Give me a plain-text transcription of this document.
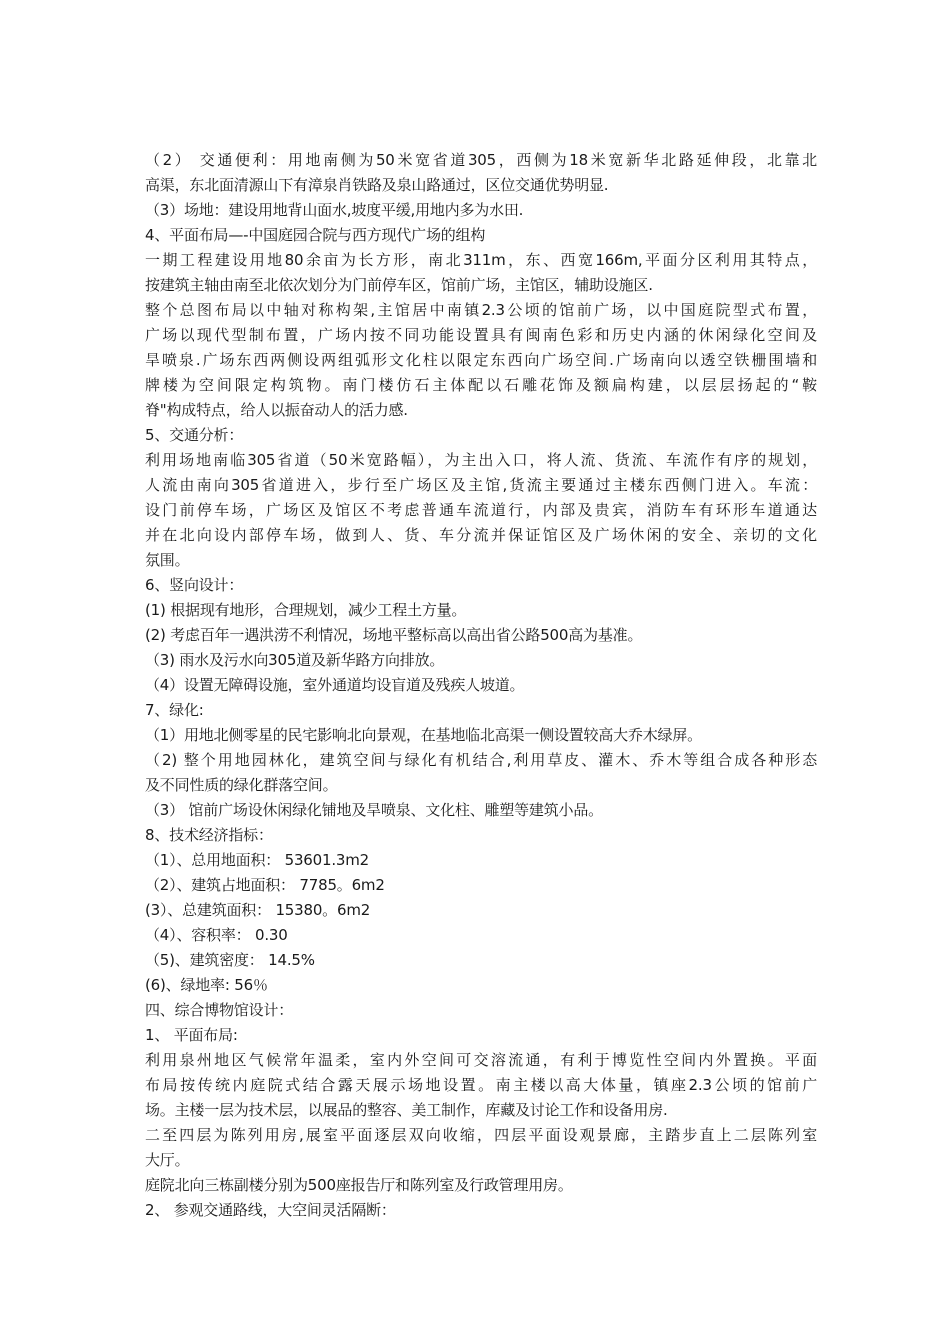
（2） 交通便利：用地南侧为50米宽省道305，西侧为18米宽新华北路延伸段，北靠北
高渠，东北面清源山下有漳泉肖铁路及泉山路通过，区位交通优势明显.
（3）场地：建设用地背山面水,坡度平缓,用地内多为水田.
4、平面布局—-中国庭园合院与西方现代广场的组构
一期工程建设用地80余亩为长方形，南北311m，东、西宽166m,平面分区利用其特点，
按建筑主轴由南至北依次划分为门前停车区，馆前广场，主馆区，辅助设施区.
整个总图布局以中轴对称构架,主馆居中南镇2.3公顷的馆前广场，以中国庭院型式布置，
广场以现代型制布置，广场内按不同功能设置具有闽南色彩和历史内涵的休闲绿化空间及
旱喷泉.广场东西两侧设两组弧形文化柱以限定东西向广场空间.广场南向以透空铁栅围墙和
牌楼为空间限定构筑物。南门楼仿石主体配以石雕花饰及额扁构建，以层层扬起的“鞍
脊"构成特点，给人以振奋动人的活力感.
5、交通分析：
利用场地南临305省道（50米宽路幅），为主出入口，将人流、货流、车流作有序的规划，
人流由南向305省道进入，步行至广场区及主馆,货流主要通过主楼东西侧门进入。车流：
设门前停车场，广场区及馆区不考虑普通车流道行，内部及贵宾，消防车有环形车道通达
并在北向设内部停车场，做到人、货、车分流并保证馆区及广场休闲的安全、亲切的文化
氛围。
6、竖向设计：
(1) 根据现有地形，合理规划，减少工程土方量。
(2) 考虑百年一遇洪涝不利情况，场地平整标高以高出省公路500高为基准。
（3) 雨水及污水向305道及新华路方向排放。
（4）设置无障碍设施，室外通道均设盲道及残疾人坡道。
7、绿化:
（1）用地北侧零星的民宅影响北向景观，在基地临北高渠一侧设置较高大乔木绿屏。
（2) 整个用地园林化，建筑空间与绿化有机结合,利用草皮、灌木、乔木等组合成各种形态
及不同性质的绿化群落空间。
（3） 馆前广场设休闲绿化铺地及旱喷泉、文化柱、雕塑等建筑小品。
8、技术经济指标：
（1）、总用地面积： 53601.3m2
（2）、建筑占地面积： 7785。6m2
(3）、总建筑面积： 15380。6m2
（4）、容积率： 0.30
（5)、建筑密度： 14.5%
(6)、绿地率: 56％
四、综合博物馆设计：
1、 平面布局:
利用泉州地区气候常年温柔，室内外空间可交溶流通，有利于博览性空间内外置换。平面
布局按传统内庭院式结合露天展示场地设置。南主楼以高大体量，镇座2.3公顷的馆前广
场。主楼一层为技术层，以展品的整容、美工制作，库藏及讨论工作和设备用房.
二至四层为陈列用房,展室平面逐层双向收缩，四层平面设观景廊，主踏步直上二层陈列室
大厅。
庭院北向三栋副楼分别为500座报告厅和陈列室及行政管理用房。
2、 参观交通路线，大空间灵活隔断：
